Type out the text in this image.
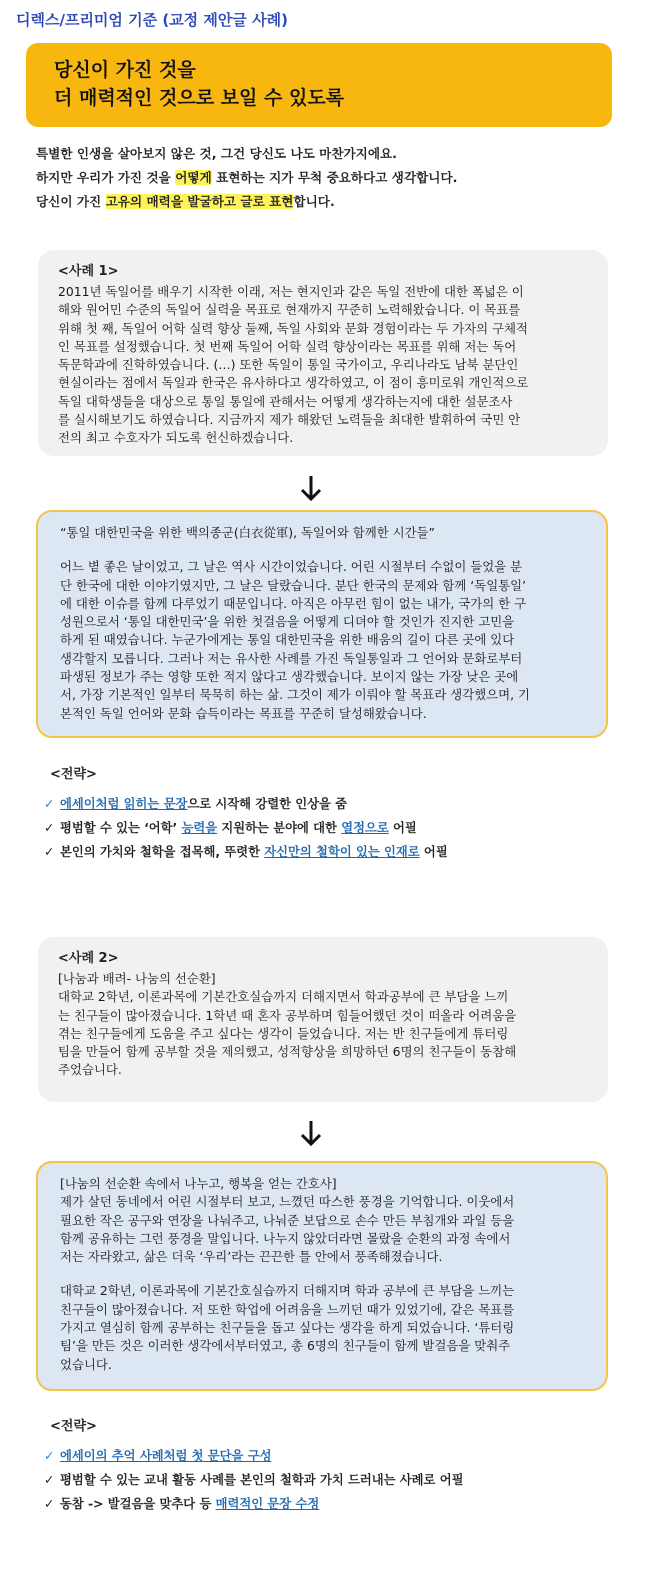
디렉스/프리미엄 기준 (교정 제안글 사례)
당신이 가진 것을
더 매력적인 것으로 보일 수 있도록

특별한 인생을 살아보지 않은 것, 그건 당신도 나도 마찬가지에요.

하지만 우리가 가진 것을 어떻게 표현하는 지가 무척 중요하다고 생각합니다.

당신이 가진 고유의 매력을 발굴하고 글로 표현합니다.

<사례 1>
2011년 독일어를 배우기 시작한 이래, 저는 현지인과 같은 독일 전반에 대한 폭넓은 이
해와 원어민 수준의 독일어 실력을 목표로 현재까지 꾸준히 노력해왔습니다. 이 목표를
위해 첫 째, 독일어 어학 실력 향상 둘째, 독일 사회와 문화 경험이라는 두 가자의 구체적
인 목표를 설정했습니다. 첫 번째 독일어 어학 실력 향상이라는 목표를 위해 저는 독어
독문학과에 진학하였습니다. (…) 또한 독일이 통일 국가이고, 우리나라도 남북 분단인
현실이라는 점에서 독일과 한국은 유사하다고 생각하였고, 이 점이 흥미로워 개인적으로
독일 대학생들을 대상으로 통일 통일에 관해서는 어떻게 생각하는지에 대한 설문조사
를 실시해보기도 하였습니다. 지금까지 제가 해왔던 노력들을 최대한 발휘하여 국민 안
전의 최고 수호자가 되도록 헌신하겠습니다.
“통일 대한민국을 위한 백의종군(白衣從軍), 독일어와 함께한 시간들”
어느 볕 좋은 날이었고, 그 날은 역사 시간이었습니다. 어린 시절부터 수없이 들었을 분
단 한국에 대한 이야기였지만, 그 날은 달랐습니다. 분단 한국의 문제와 함께 ‘독일통일’
에 대한 이슈를 함께 다루었기 때문입니다. 아직은 아무런 힘이 없는 내가, 국가의 한 구
성원으로서 ‘통일 대한민국’을 위한 첫걸음을 어떻게 디뎌야 할 것인가 진지한 고민을
하게 된 때였습니다. 누군가에게는 통일 대한민국을 위한 배움의 길이 다른 곳에 있다
생각할지 모릅니다. 그러나 저는 유사한 사례를 가진 독일통일과 그 언어와 문화로부터
파생된 정보가 주는 영향 또한 적지 않다고 생각했습니다. 보이지 않는 가장 낮은 곳에
서, 가장 기본적인 일부터 묵묵히 하는 삶. 그것이 제가 이뤄야 할 목표라 생각했으며, 기
본적인 독일 언어와 문화 습득이라는 목표를 꾸준히 달성해왔습니다.
<전략>
✓ 에세이처럼 읽히는 문장으로 시작해 강렬한 인상을 줌
✓ 평범할 수 있는 ‘어학’ 능력을 지원하는 분야에 대한 열정으로 어필
✓ 본인의 가치와 철학을 접목해, 뚜렷한 자신만의 철학이 있는 인재로 어필
<사례 2>
[나눔과 배려- 나눔의 선순환]
대학교 2학년, 이론과목에 기본간호실습까지 더해지면서 학과공부에 큰 부담을 느끼
는 친구들이 많아졌습니다. 1학년 때 혼자 공부하며 힘들어했던 것이 떠올라 어려움을
겪는 친구들에게 도움을 주고 싶다는 생각이 들었습니다. 저는 반 친구들에게 튜터링
팀을 만들어 함께 공부할 것을 제의했고, 성적향상을 희망하던 6명의 친구들이 동참해
주었습니다.
[나눔의 선순환 속에서 나누고, 행복을 얻는 간호사]
제가 살던 동네에서 어린 시절부터 보고, 느꼈던 따스한 풍경을 기억합니다. 이웃에서
필요한 작은 공구와 연장을 나눠주고, 나눠준 보답으로 손수 만든 부침개와 과일 등을
함께 공유하는 그런 풍경을 말입니다. 나누지 않았더라면 몰랐을 순환의 과정 속에서
저는 자라왔고, 삶은 더욱 ‘우리’라는 끈끈한 틀 안에서 풍족해졌습니다.
대학교 2학년, 이론과목에 기본간호실습까지 더해지며 학과 공부에 큰 부담을 느끼는
친구들이 많아졌습니다. 저 또한 학업에 어려움을 느끼던 때가 있었기에, 같은 목표를
가지고 열심히 함께 공부하는 친구들을 돕고 싶다는 생각을 하게 되었습니다. ‘튜터링
팀’을 만든 것은 이러한 생각에서부터였고, 총 6명의 친구들이 함께 발걸음을 맞춰주
었습니다.
<전략>
✓ 에세이의 추억 사례처럼 첫 문단을 구성
✓ 평범할 수 있는 교내 활동 사례를 본인의 철학과 가치 드러내는 사례로 어필
✓ 동참 -> 발걸음을 맞추다 등 매력적인 문장 수정
